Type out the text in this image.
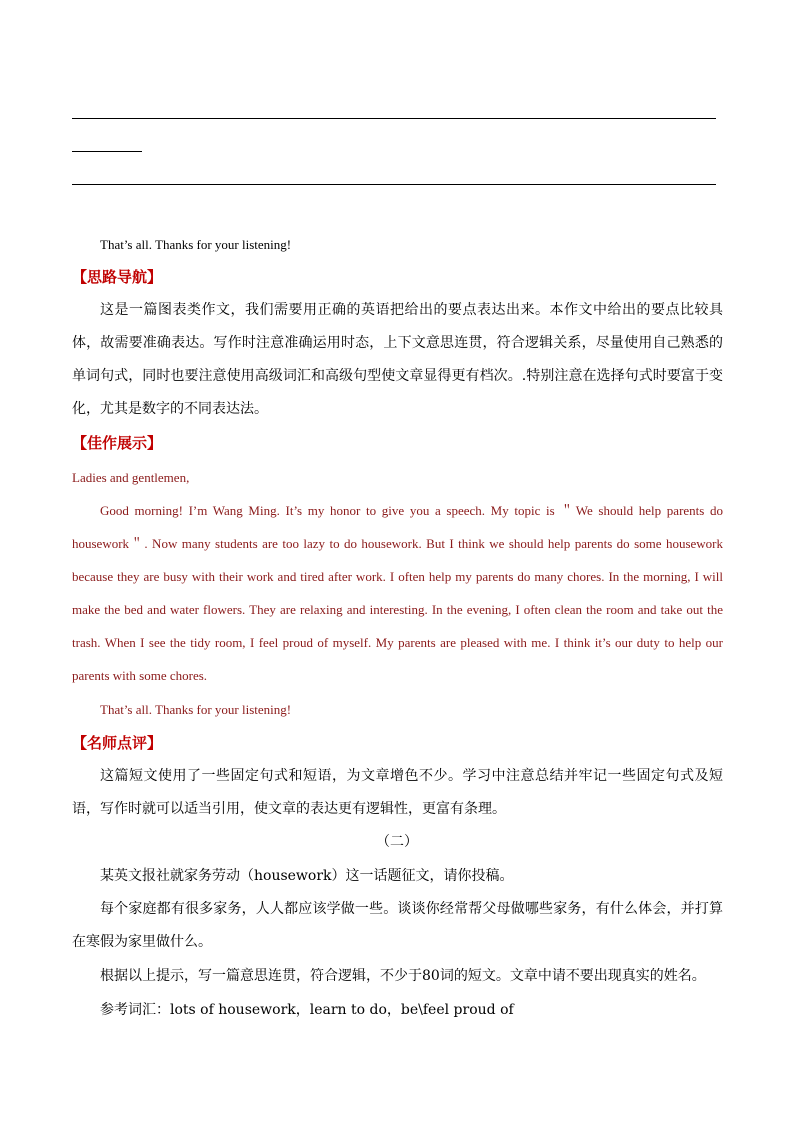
That’s all. Thanks for your listening!

【思路导航】

这是一篇图表类作文，我们需要用正确的英语把给出的要点表达出来。本作文中给出的要点比较具体，故需要准确表达。写作时注意准确运用时态，上下文意思连贯，符合逻辑关系，尽量使用自己熟悉的单词句式，同时也要注意使用高级词汇和高级句型使文章显得更有档次。.特别注意在选择句式时要富于变化，尤其是数字的不同表达法。

【佳作展示】

Ladies and gentlemen,

Good morning! I’m Wang Ming. It’s my honor to give you a speech. My topic is ＂We should help parents do housework＂. Now many students are too lazy to do housework. But I think we should help parents do some housework because they are busy with their work and tired after work. I often help my parents do many chores. In the morning, I will make the bed and water flowers. They are relaxing and interesting. In the evening, I often clean the room and take out the trash. When I see the tidy room, I feel proud of myself. My parents are pleased with me. I think it’s our duty to help our parents with some chores.

That’s all. Thanks for your listening!

【名师点评】

这篇短文使用了一些固定句式和短语，为文章增色不少。学习中注意总结并牢记一些固定句式及短语，写作时就可以适当引用，使文章的表达更有逻辑性，更富有条理。

（二）

某英文报社就家务劳动（housework）这一话题征文，请你投稿。

每个家庭都有很多家务，人人都应该学做一些。谈谈你经常帮父母做哪些家务，有什么体会，并打算在寒假为家里做什么。

根据以上提示，写一篇意思连贯，符合逻辑，不少于80词的短文。文章中请不要出现真实的姓名。

参考词汇：lots of housework，learn to do，be\feel proud of
